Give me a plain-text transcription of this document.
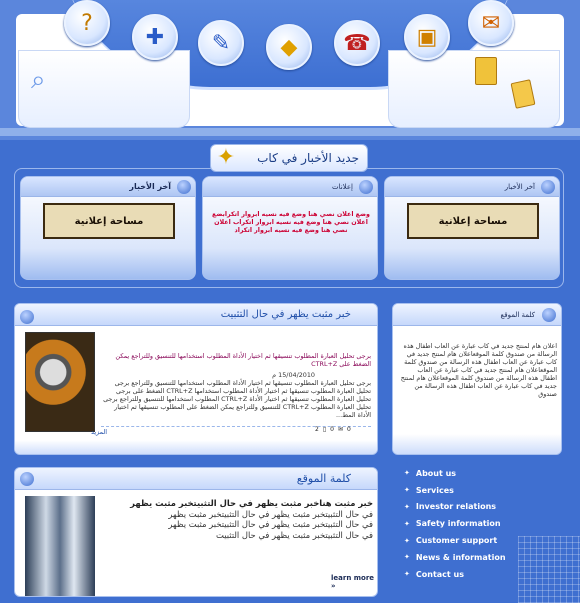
⌕
?
✚	✎	◆	☎	▣
✉
✦	جديد الأخبار في كاب
آخر الأخبار
مساحة إعلانية
إعلانات
وضع اعلان نصي هنا وضع فيه نسيه ابروار اتكرابضع اعلان نصي هنا وضع فيه نسيه ابروار اتكراب اعلان نصي هنا وضع فيه نسيه ابروار اتكراد
آخر الأخبار
مساحة إعلانية
خبر مثبت يظهر في حال التثبيت
برجى تحليل العبارة المطلوب تنسيقها ثم اختيار الأداة المطلوب استخدامها للتنسيق وللتراجع يمكن الضغط على CTRL+Z
15/04/2010 م
برجى تحليل العبارة المطلوب تنسيقها ثم اختيار الأداة المطلوب استخدامها للتنسيق وللتراجع برجى تحليل العبارة المطلوب تنسيقها ثم اختيار الأداة المطلوب استخدامها CTRL+Z الضغط على برجى تحليل العبارة المطلوب تنسيقها ثم اختيار الأداة CTRL+Z المطلوب استخدامها للتنسيق وللتراجع برجى تحليل العبارة المطلوب CTRL+Z للتنسيق وللتراجع يمكن الضغط على المطلوب تنسيقها ثم اختيار الأداة المط...
المزيد	2 ▯ 0 ✉ 0
كلمة الموقع
اعلان هام لمنتج جديد في كاب عبارة عن العاب اطفال هذه الرسالة من صندوق كلمة الموقعاعلان هام لمنتج جديد في كاب عبارة عن العاب اطفال هذه الرسالة من صندوق كلمة الموقعاعلان هام لمنتج جديد في كاب عبارة عن العاب اطفال هذه الرسالة من صندوق كلمة الموقعاعلان هام لمنتج جديد في كاب عبارة عن العاب اطفال هذه الرسالة من صندوق
كلمة الموقع
خبر مثبت هناخبر مثبت يظهر في حال التثبيتخبر مثبت يظهر
في حال التثبيتخبر مثبت يظهر في حال التثبيتخبر مثبت يظهر
في حال التثبيتخبر مثبت يظهر في حال التثبيتخبر مثبت يظهر
في حال التثبيتخبر مثبت يظهر في حال التثبيت
learn more »
✦ About us
✦ Services
✦ Investor relations
✦ Safety information
✦ Customer support
✦ News & information
✦ Contact us
